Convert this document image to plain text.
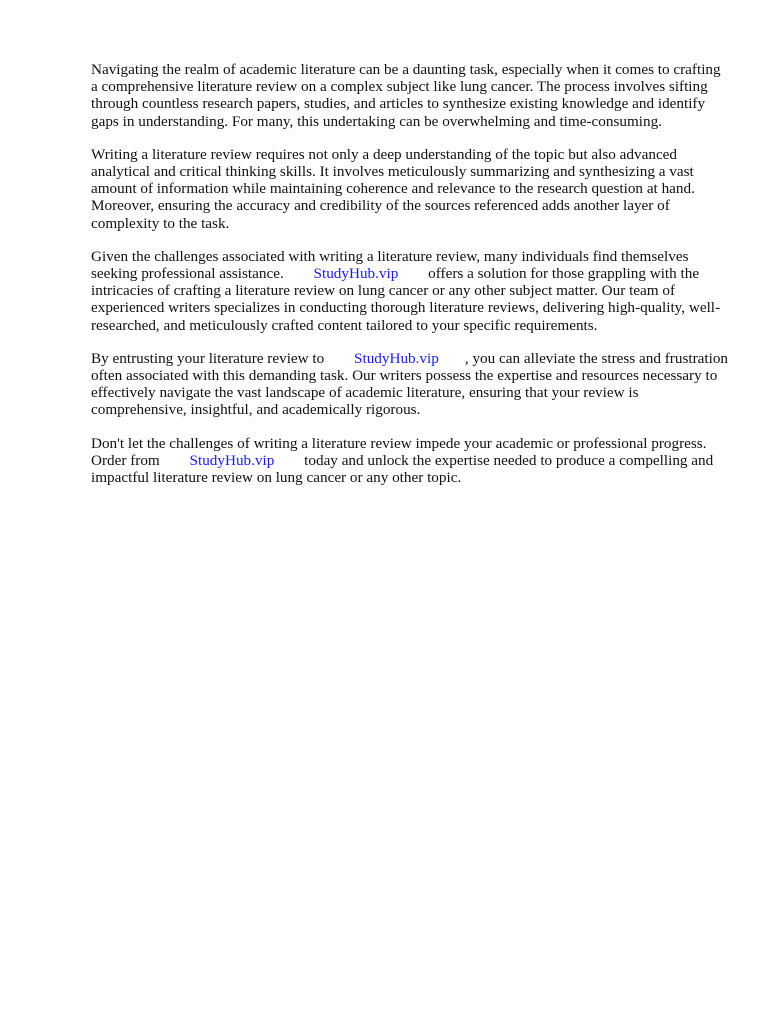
Navigating the realm of academic literature can be a daunting task, especially when it comes to crafting a comprehensive literature review on a complex subject like lung cancer. The process involves sifting through countless research papers, studies, and articles to synthesize existing knowledge and identify gaps in understanding. For many, this undertaking can be overwhelming and time-consuming.

Writing a literature review requires not only a deep understanding of the topic but also advanced analytical and critical thinking skills. It involves meticulously summarizing and synthesizing a vast amount of information while maintaining coherence and relevance to the research question at hand. Moreover, ensuring the accuracy and credibility of the sources referenced adds another layer of complexity to the task.

Given the challenges associated with writing a literature review, many individuals find themselves seeking professional assistance. StudyHub.vip offers a solution for those grappling with the intricacies of crafting a literature review on lung cancer or any other subject matter. Our team of experienced writers specializes in conducting thorough literature reviews, delivering high-quality, well-researched, and meticulously crafted content tailored to your specific requirements.

By entrusting your literature review to StudyHub.vip , you can alleviate the stress and frustration often associated with this demanding task. Our writers possess the expertise and resources necessary to effectively navigate the vast landscape of academic literature, ensuring that your review is comprehensive, insightful, and academically rigorous.

Don't let the challenges of writing a literature review impede your academic or professional progress. Order from StudyHub.vip today and unlock the expertise needed to produce a compelling and impactful literature review on lung cancer or any other topic.
